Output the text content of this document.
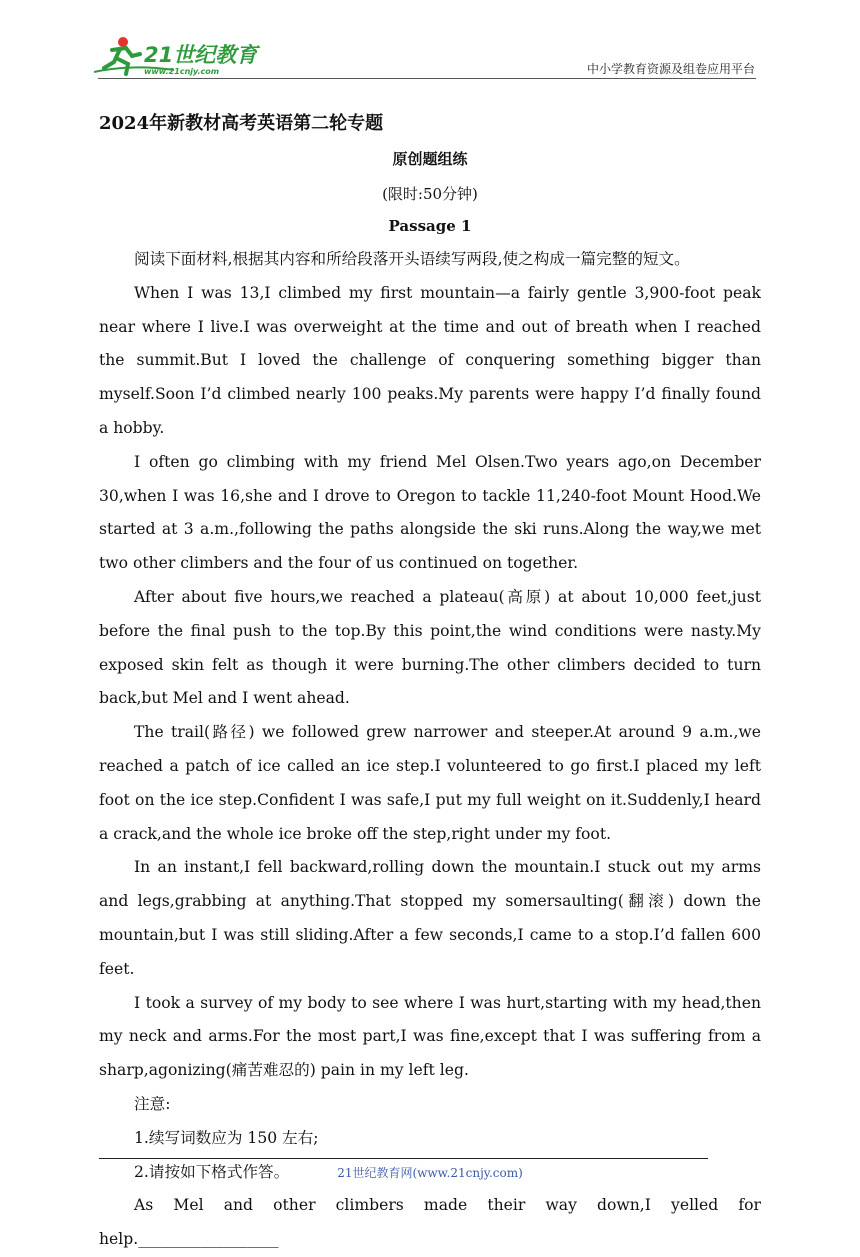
21世纪教育
www.21cnjy.com	中小学教育资源及组卷应用平台
2024年新教材高考英语第二轮专题
原创题组练
(限时:50分钟)
Passage 1

阅读下面材料,根据其内容和所给段落开头语续写两段,使之构成一篇完整的短文。

When I was 13,I climbed my first mountain—a fairly gentle 3,900-foot peak near where I live.I was overweight at the time and out of breath when I reached the summit.But I loved the challenge of conquering something bigger than myself.Soon I’d climbed nearly 100 peaks.My parents were happy I’d finally found a hobby.

I often go climbing with my friend Mel Olsen.Two years ago,on December 30,when I was 16,she and I drove to Oregon to tackle 11,240-foot Mount Hood.We started at 3 a.m.,following the paths alongside the ski runs.Along the way,we met two other climbers and the four of us continued on together.

After about five hours,we reached a plateau(高原) at about 10,000 feet,just before the final push to the top.By this point,the wind conditions were nasty.My exposed skin felt as though it were burning.The other climbers decided to turn back,but Mel and I went ahead.

The trail(路径) we followed grew narrower and steeper.At around 9 a.m.,we reached a patch of ice called an ice step.I volunteered to go first.I placed my left foot on the ice step.Confident I was safe,I put my full weight on it.Suddenly,I heard a crack,and the whole ice broke off the step,right under my foot.

In an instant,I fell backward,rolling down the mountain.I stuck out my arms and legs,grabbing at anything.That stopped my somersaulting(翻滚) down the mountain,but I was still sliding.After a few seconds,I came to a stop.I’d fallen 600 feet.

I took a survey of my body to see where I was hurt,starting with my head,then my neck and arms.For the most part,I was fine,except that I was suffering from a sharp,agonizing(痛苦难忍的) pain in my left leg.

注意:

1.续写词数应为 150 左右;

2.请按如下格式作答。

As Mel and other climbers made their way down,I yelled for help.__________________

21世纪教育网(www.21cnjy.com)
